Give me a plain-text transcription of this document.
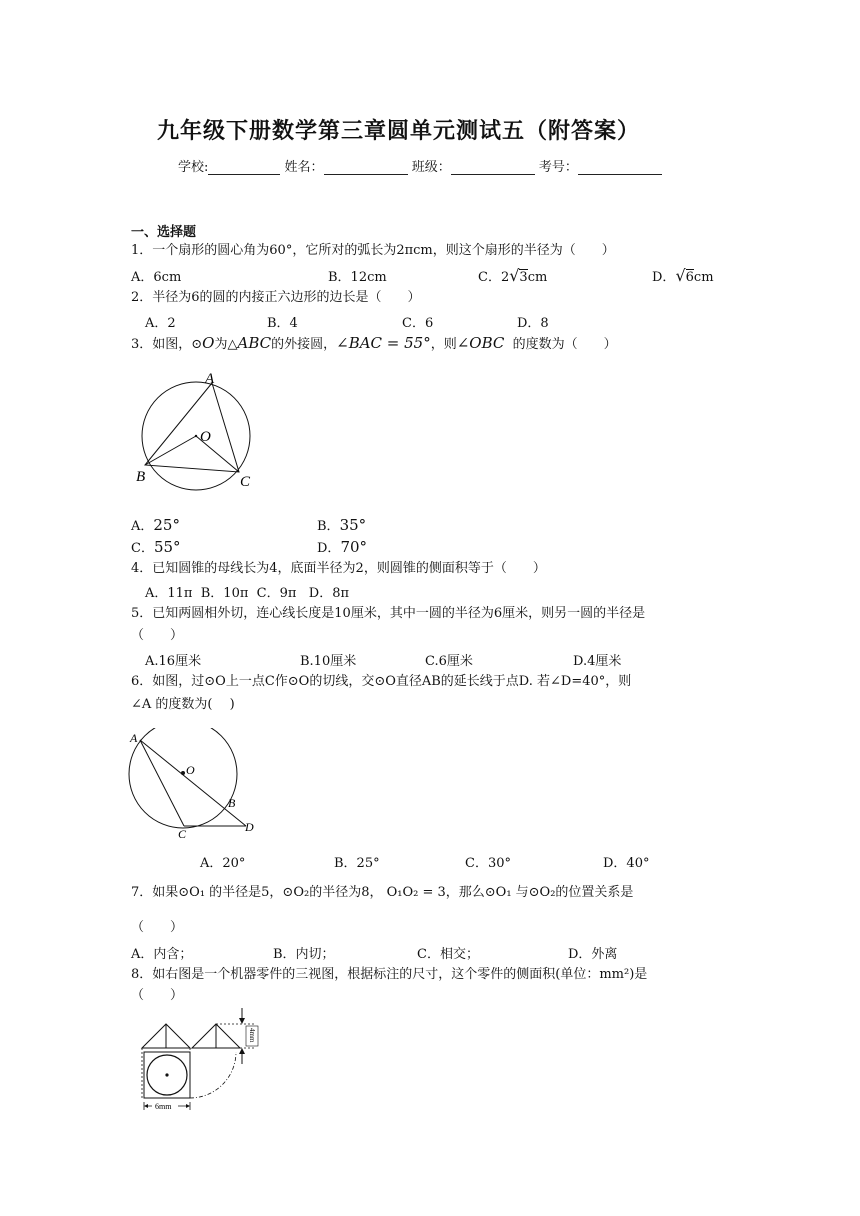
九年级下册数学第三章圆单元测试五（附答案）
学校:	姓名：	班级：	考号：
一、选择题
1．一个扇形的圆心角为60°，它所对的弧长为2πcm，则这个扇形的半径为（　　）
A．6cm	B．12cm	C．2√3cm	D．√6cm
2．半径为6的圆的内接正六边形的边长是（　　）
A．2	B．4	C．6	D．8
3．如图，⊙O为△ABC的外接圆，∠BAC = 55°，则∠OBC 的度数为（　　）
A
O
B	C
A．25°	B．35°
C．55°	D．70°
4．已知圆锥的母线长为4，底面半径为2，则圆锥的侧面积等于（　　）
A．11π  B．10π  C．9π   D．8π
5．已知两圆相外切，连心线长度是10厘米，其中一圆的半径为6厘米，则另一圆的半径是
（　　）
A.16厘米	B.10厘米	C.6厘米	D.4厘米
6．如图，过⊙O上一点C作⊙O的切线，交⊙O直径AB的延长线于点D. 若∠D=40°，则
∠A 的度数为(　 )
A
O
B
C	D
A．20°	B．25°	C．30°	D．40°
7．如果⊙O₁ 的半径是5，⊙O₂的半径为8， O₁O₂ = 3，那么⊙O₁ 与⊙O₂的位置关系是
（　　）
A．内含；	B．内切；	C．相交；	D．外离
8．如右图是一个机器零件的三视图，根据标注的尺寸，这个零件的侧面积(单位：mm²)是
（　　）
4mm
6mm
